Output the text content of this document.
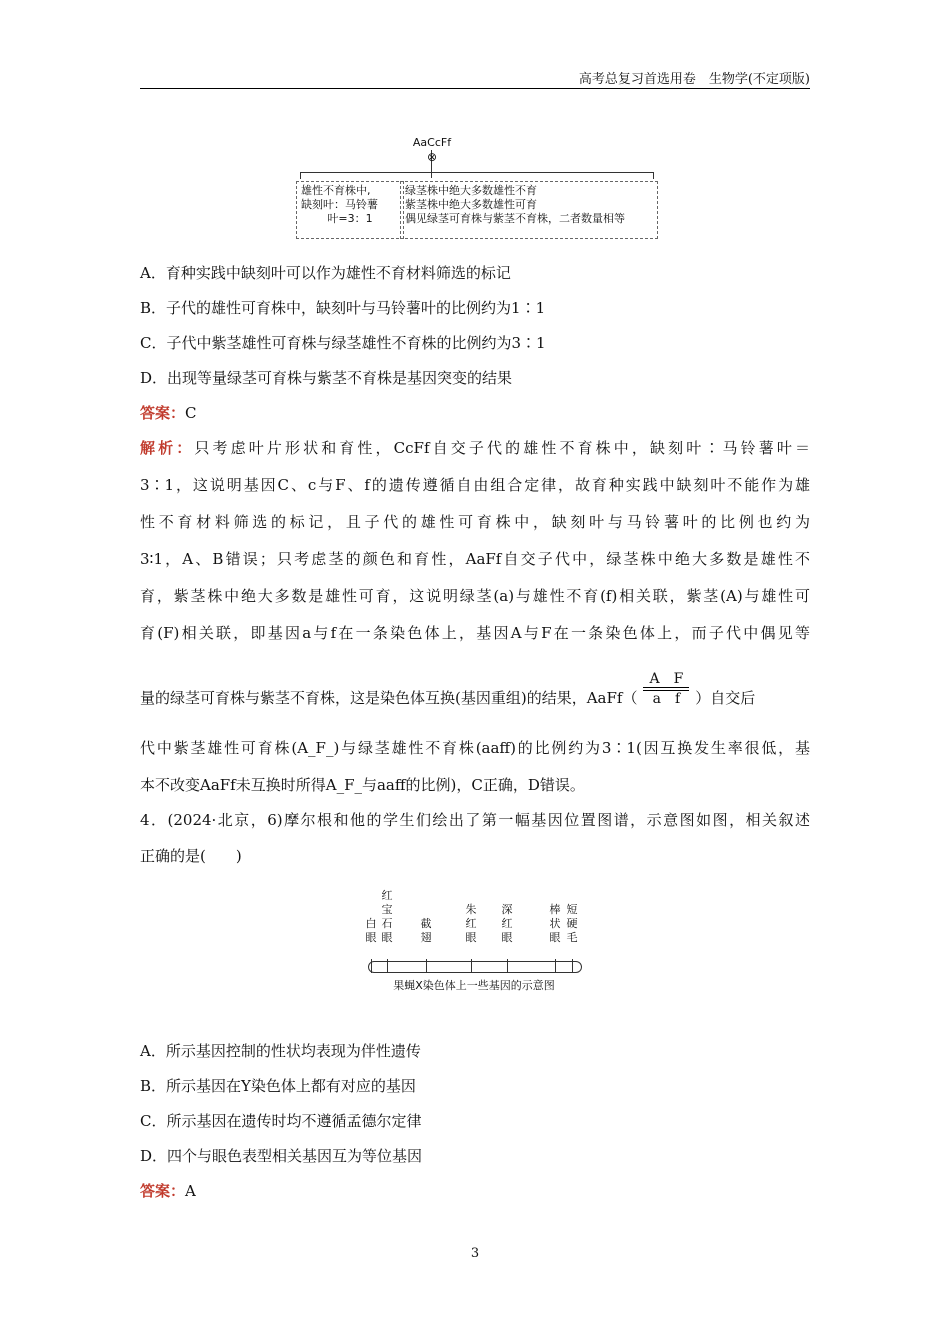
高考总复习首选用卷　生物学(不定项版)
AaCcFf
⊗
雄性不育株中,
缺刻叶：马铃薯
叶=3：1
绿茎株中绝大多数雄性不育
紫茎株中绝大多数雄性可育
偶见绿茎可育株与紫茎不育株，二者数量相等
A．育种实践中缺刻叶可以作为雄性不育材料筛选的标记
B．子代的雄性可育株中，缺刻叶与马铃薯叶的比例约为1∶1
C．子代中紫茎雄性可育株与绿茎雄性不育株的比例约为3∶1
D．出现等量绿茎可育株与紫茎不育株是基因突变的结果
答案：C
解析：只考虑叶片形状和育性，CcFf自交子代的雄性不育株中，缺刻叶∶马铃薯叶＝
3∶1，这说明基因C、c与F、f的遗传遵循自由组合定律，故育种实践中缺刻叶不能作为雄
性不育材料筛选的标记，且子代的雄性可育株中，缺刻叶与马铃薯叶的比例也约为
3∶1，A、B错误；只考虑茎的颜色和育性，AaFf自交子代中，绿茎株中绝大多数是雄性不
育，紫茎株中绝大多数是雄性可育，这说明绿茎(a)与雄性不育(f)相关联，紫茎(A)与雄性可
育(F)相关联，即基因a与f在一条染色体上，基因A与F在一条染色体上，而子代中偶见等
量的绿茎可育株与紫茎不育株，这是染色体互换(基因重组)的结果，AaFf（ $\frac{\text{A　F}}{\text{a　f}}$ ）自交后
代中紫茎雄性可育株(A_F_)与绿茎雄性不育株(aaff)的比例约为3∶1(因互换发生率很低，基
本不改变AaFf未互换时所得A_F_与aaff的比例)，C正确，D错误。
4．(2024·北京，6)摩尔根和他的学生们绘出了第一幅基因位置图谱，示意图如图，相关叙述
正确的是(　　)
白眼
红宝石眼
截翅
朱红眼
深红眼
棒状眼
短硬毛
果蝇X染色体上一些基因的示意图
A．所示基因控制的性状均表现为伴性遗传
B．所示基因在Y染色体上都有对应的基因
C．所示基因在遗传时均不遵循孟德尔定律
D．四个与眼色表型相关基因互为等位基因
答案：A
3
